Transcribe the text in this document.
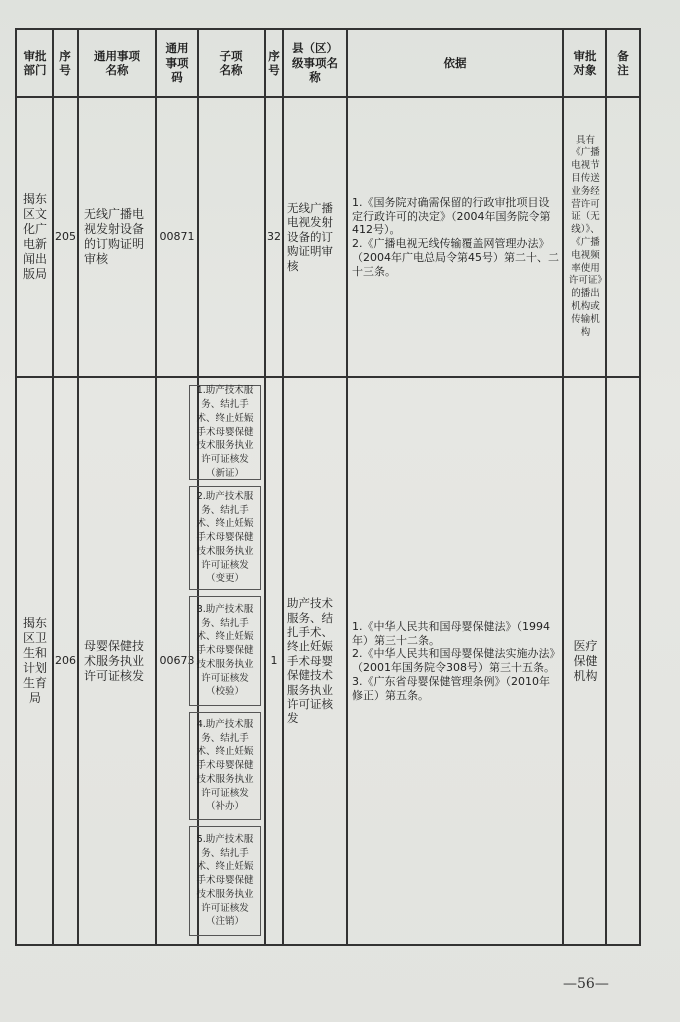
审批部门
序号
通用事项名称
通用事项码
子项名称
序号
县（区）级事项名称
依据
审批对象
备注
揭东区文化广电新闻出版局
205
无线广播电视发射设备的订购证明审核
00871	32
无线广播电视发射设备的订购证明审核
1.《国务院对确需保留的行政审批项目设定行政许可的决定》（2004年国务院令第412号）。
2.《广播电视无线传输覆盖网管理办法》（2004年广电总局令第45号）第二十、二十三条。
具有《广播电视节目传送业务经营许可证（无线）》、《广播电视频率使用许可证》的播出机构或传输机构
揭东区卫生和计划生育局
206
母婴保健技术服务执业许可证核发
00673
1.助产技术服务、结扎手术、终止妊娠手术母婴保健技术服务执业许可证核发（新证）
2.助产技术服务、结扎手术、终止妊娠手术母婴保健技术服务执业许可证核发（变更）
3.助产技术服务、结扎手术、终止妊娠手术母婴保健技术服务执业许可证核发（校验）
4.助产技术服务、结扎手术、终止妊娠手术母婴保健技术服务执业许可证核发（补办）
5.助产技术服务、结扎手术、终止妊娠手术母婴保健技术服务执业许可证核发（注销）
1
助产技术服务、结扎手术、终止妊娠手术母婴保健技术服务执业许可证核发
1.《中华人民共和国母婴保健法》（1994年）第三十二条。
2.《中华人民共和国母婴保健法实施办法》（2001年国务院令308号）第三十五条。
3.《广东省母婴保健管理条例》（2010年修正）第五条。
医疗保健机构
—56—
